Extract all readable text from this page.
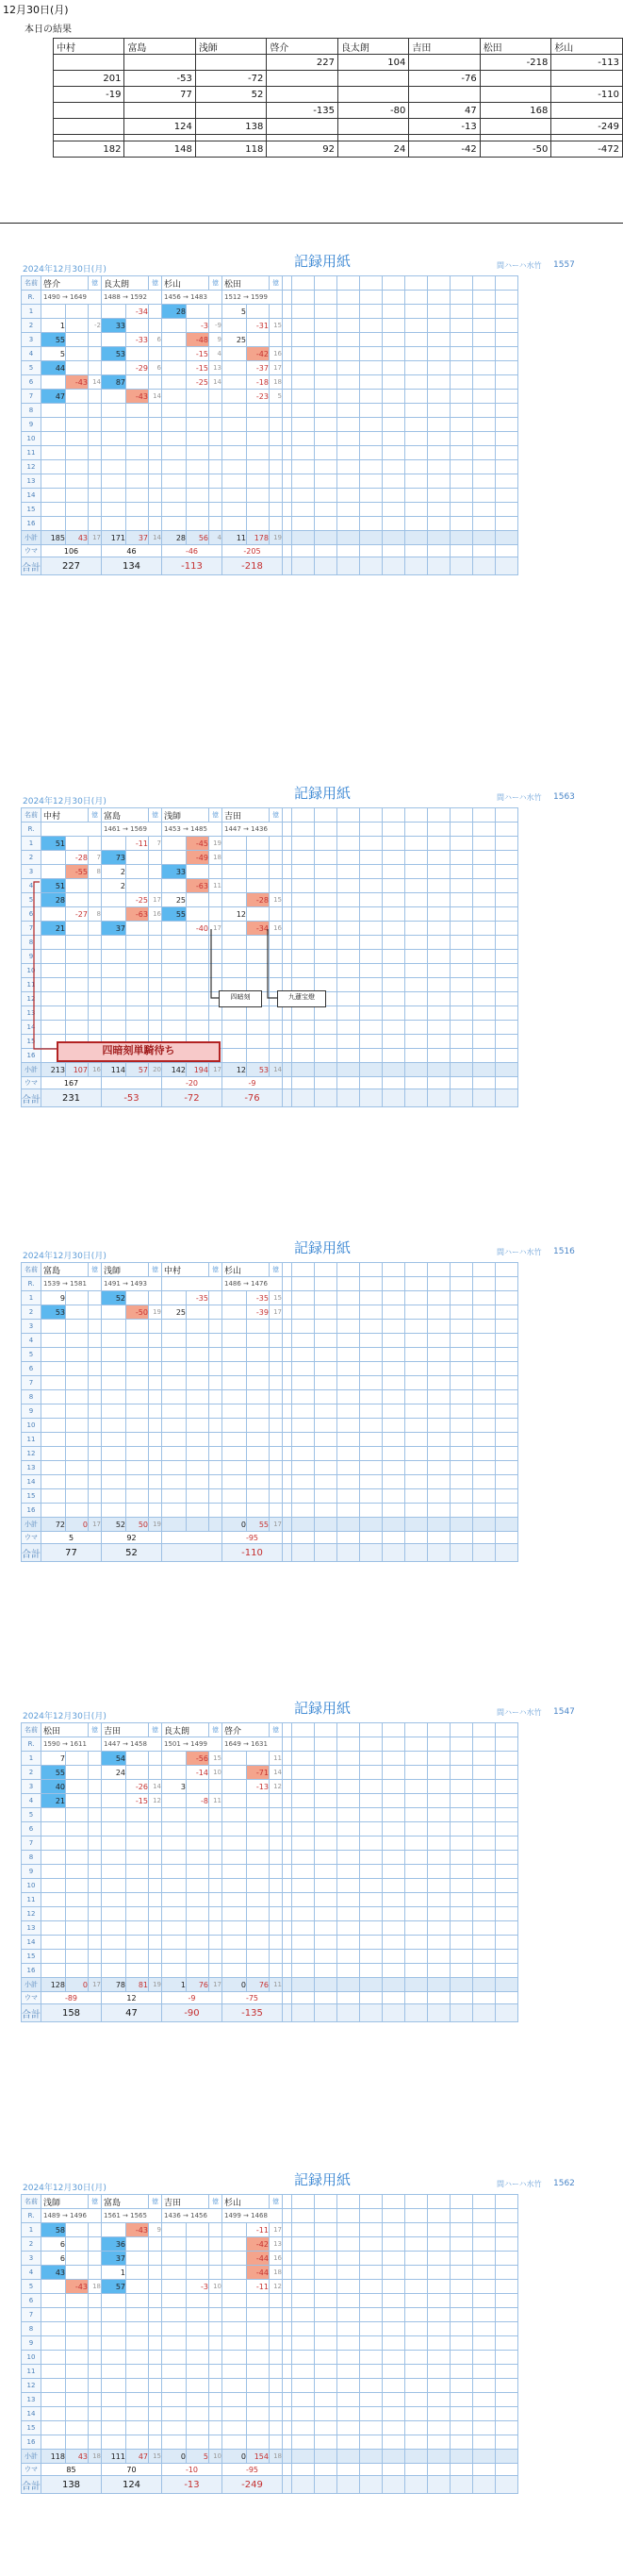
12月30日(月)
本日の結果
中村	富島	浅師	啓介	良太朗	吉田	松田	杉山
			227	104		-218	-113
201	-53	-72			-76		
-19	77	52					-110
			-135	-80	47	168	
	124	138			-13		-249

182	148	118	92	24	-42	-50	-472
記録用紙
2024年12月30日(月)	間ハーハ水竹 1557
名前	啓介		億	良太朗		億	杉山		億	松田		億											
R.	1490 → 1649			1488 → 1592			1456 → 1483			1512 → 1599													
1					-34		28			5													
2	1		-2	33				-3	-9		-31	15											
3	55				-33	6		-48	9	25													
4	5			53				-15	4		-42	16											
5	44				-29	6		-15	13		-37	17											
6		-43	14	87				-25	14		-18	18											
7	47				-43	14					-23	5											
8																							
9																							
10																							
11																							
12																							
13																							
14																							
15																							
16																							
小計	185	43	17	171	37	14	28	56	4	11	178	19											
ウマ	106			46			-46			-205													
合計	227			134			-113			-218													
記録用紙
2024年12月30日(月)	間ハーハ水竹 1563
名前	中村		億	富島		億	浅師		億	吉田		億											
R.				1461 → 1569			1453 → 1485			1447 → 1436													
1	51				-11	7		-45	19														
2		-28	7	73				-49	18														
3		-55	8	2			33																
4	51			2				-63	11														
5	28				-25	17	25				-28	15											
6		-27	8		-63	16	55			12													
7	21			37				-40	17		-34	16											
8																							
9																							
10																							
11																							
12																							
13																							
14																							
15																							
16																							
小計	213	107	16	114	57	20	142	194	17	12	53	14											
ウマ	167						-20			-9													
合計	231			-53			-72			-76													
四暗刻	九蓮宝燈
四暗刻単騎待ち
記録用紙
2024年12月30日(月)	間ハーハ水竹 1516
名前	富島		億	浅師		億	中村		億	杉山		億											
R.	1539 → 1581			1491 → 1493						1486 → 1476													
1	9			52				-35			-35	15											
2	53				-50	19	25				-39	17											
3																							
4																							
5																							
6																							
7																							
8																							
9																							
10																							
11																							
12																							
13																							
14																							
15																							
16																							
小計	72	0	17	52	50	19				0	55	17											
ウマ	5			92						-95													
合計	77			52						-110													
記録用紙
2024年12月30日(月)	間ハーハ水竹 1547
名前	松田		億	吉田		億	良太朗		億	啓介		億											
R.	1590 → 1611			1447 → 1458			1501 → 1499			1649 → 1631													
1	7			54				-56	15			11											
2	55			24				-14	10		-71	14											
3	40				-26	14	3				-13	12											
4	21				-15	12		-8	11														
5																							
6																							
7																							
8																							
9																							
10																							
11																							
12																							
13																							
14																							
15																							
16																							
小計	128	0	17	78	81	19	1	76	17	0	76	11											
ウマ	-89			12			-9			-75													
合計	158			47			-90			-135													
記録用紙
2024年12月30日(月)	間ハーハ水竹 1562
名前	浅師		億	富島		億	吉田		億	杉山		億											
R.	1489 → 1496			1561 → 1565			1436 → 1456			1499 → 1468													
1	58				-43	9					-11	17											
2	6			36							-42	13											
3	6			37							-44	16											
4	43			1							-44	18											
5		-43	18	57				-3	10		-11	12											
6																							
7																							
8																							
9																							
10																							
11																							
12																							
13																							
14																							
15																							
16																							
小計	118	43	18	111	47	15	0	5	10	0	154	18											
ウマ	85			70			-10			-95													
合計	138			124			-13			-249													
